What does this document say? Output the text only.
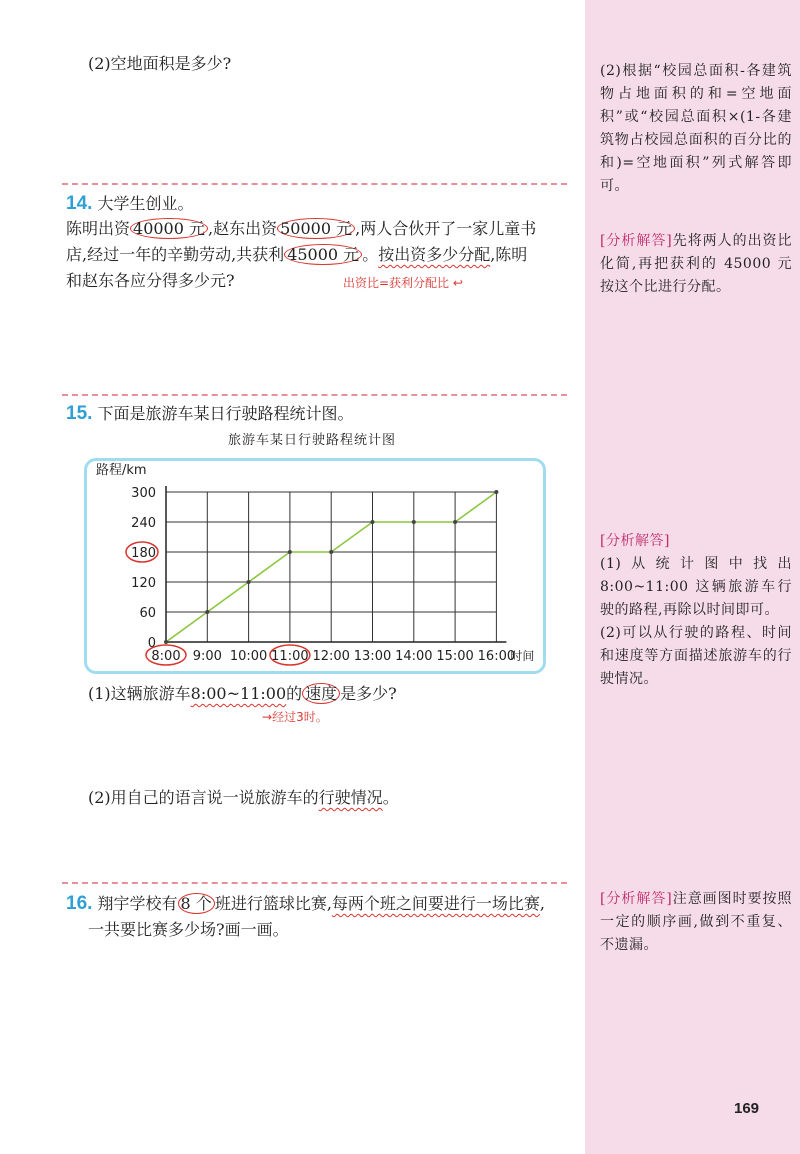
(2)空地面积是多少?
14. 大学生创业。
陈明出资 40000 元 ,赵东出资 50000 元 ,两人合伙开了一家儿童书
店,经过一年的辛勤劳动,共获利 45000 元 。按出资多少分配,陈明
和赵东各应分得多少元?	出资比=获利分配比 ↩
15. 下面是旅游车某日行驶路程统计图。
旅游车某日行驶路程统计图
0
60
120
180
240
300
8:00 9:00 10:00 11:00 12:00 13:00 14:00 15:00 16:00
路程/km
时间
(1)这辆旅游车8:00~11:00的 速度 是多少?
→经过3时。
(2)用自己的语言说一说旅游车的行驶情况。
16. 翔宇学校有 8 个 班进行篮球比赛,每两个班之间要进行一场比赛,
一共要比赛多少场?画一画。
(2)根据“校园总面积-各建筑物占地面积的和=空地面积”或“校园总面积×(1-各建筑物占校园总面积的百分比的和)=空地面积”列式解答即可。
[分析解答]先将两人的出资比化简,再把获利的 45000 元按这个比进行分配。
[分析解答]
(1)从统计图中找出 8:00~11:00 这辆旅游车行驶的路程,再除以时间即可。
(2)可以从行驶的路程、时间和速度等方面描述旅游车的行驶情况。
[分析解答]注意画图时要按照一定的顺序画,做到不重复、不遗漏。
169
